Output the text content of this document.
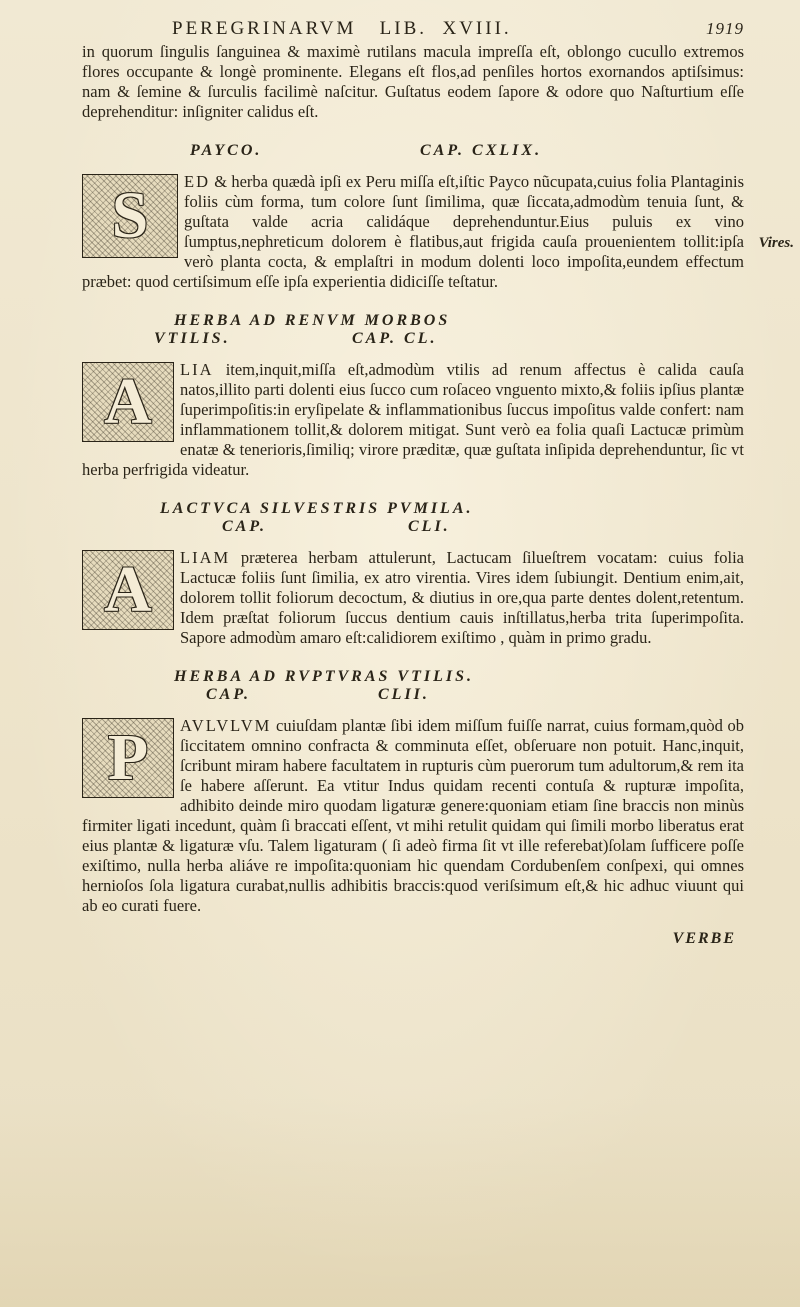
PEREGRINARVM   LIB.  XVIII.	1919

in quorum ſingulis ſanguinea & maximè rutilans macula impreſſa eſt, oblongo cucullo extremos flores occupante & longè prominente. Elegans eſt flos,ad penſiles hortos exornandos aptiſsimus: nam & ſemine & ſurculis facilimè naſcitur. Guſtatus eodem ſapore & odore quo Naſturtium eſſe deprehenditur: inſigniter calidus eſt.

PAYCO.	CAP. CXLIX.
S	ED & herba quædà ipſi ex Peru miſſa eſt,iſtic Payco nũcupata,cuius folia Plantaginis foliis cùm forma, tum colore ſunt ſimilima, quæ ſiccata,admodùm tenuia ſunt, & guſtata valde acria calidáque deprehenduntur.Eius puluis ex vino ſumptus,nephreticum dolorem è flatibus,aut frigida cauſa prouenientem tollit:ipſa verò planta cocta, & emplaſtri in modum dolenti loco impoſita,eundem effectum præbet: quod certiſsimum eſſe ipſa experientia didiciſſe teſtatur.

Vires.
HERBA AD RENVM MORBOS
VTILIS.	CAP. CL.
A	LIA item,inquit,miſſa eſt,admodùm vtilis ad renum affectus è calida cauſa natos,illito parti dolenti eius ſucco cum roſaceo vnguento mixto,& foliis ipſius plantæ ſuperimpoſitis:in eryſipelate & inflammationibus ſuccus impoſitus valde confert: nam inflammationem tollit,& dolorem mitigat. Sunt verò ea folia quaſi Lactucæ primùm enatæ & tenerioris,ſimiliq; virore præditæ, quæ guſtata inſipida deprehenduntur, ſic vt herba perfrigida videatur.

LACTVCA SILVESTRIS PVMILA.
CAP.	CLI.
A	LIAM præterea herbam attulerunt, Lactucam ſilueſtrem vocatam: cuius folia Lactucæ foliis ſunt ſimilia, ex atro virentia. Vires idem ſubiungit. Dentium enim,ait, dolorem tollit foliorum decoctum, & diutius in ore,qua parte dentes dolent,retentum. Idem præſtat foliorum ſuccus dentium cauis inſtillatus,herba trita ſuperimpoſita. Sapore admodùm amaro eſt:calidiorem exiſtimo , quàm in primo gradu.

HERBA AD RVPTVRAS VTILIS.
CAP.	CLII.
P	AVLVLVM cuiuſdam plantæ ſibi idem miſſum fuiſſe narrat, cuius formam,quòd ob ſiccitatem omnino confracta & comminuta eſſet, obſeruare non potuit. Hanc,inquit, ſcribunt miram habere facultatem in rupturis cùm puerorum tum adultorum,& rem ita ſe habere aſſerunt. Ea vtitur Indus quidam recenti contuſa & rupturæ impoſita, adhibito deinde miro quodam ligaturæ genere:quoniam etiam ſine braccis non minùs firmiter ligati incedunt, quàm ſi braccati eſſent, vt mihi retulit quidam qui ſimili morbo liberatus erat eius plantæ & ligaturæ vſu. Talem ligaturam ( ſi adeò firma ſit vt ille referebat)ſolam ſufficere poſſe exiſtimo, nulla herba aliáve re impoſita:quoniam hic quendam Cordubenſem conſpexi, qui omnes hernioſos ſola ligatura curabat,nullis adhibitis braccis:quod veriſsimum eſt,& hic adhuc viuunt qui ab eo curati fuere.

VERBE
